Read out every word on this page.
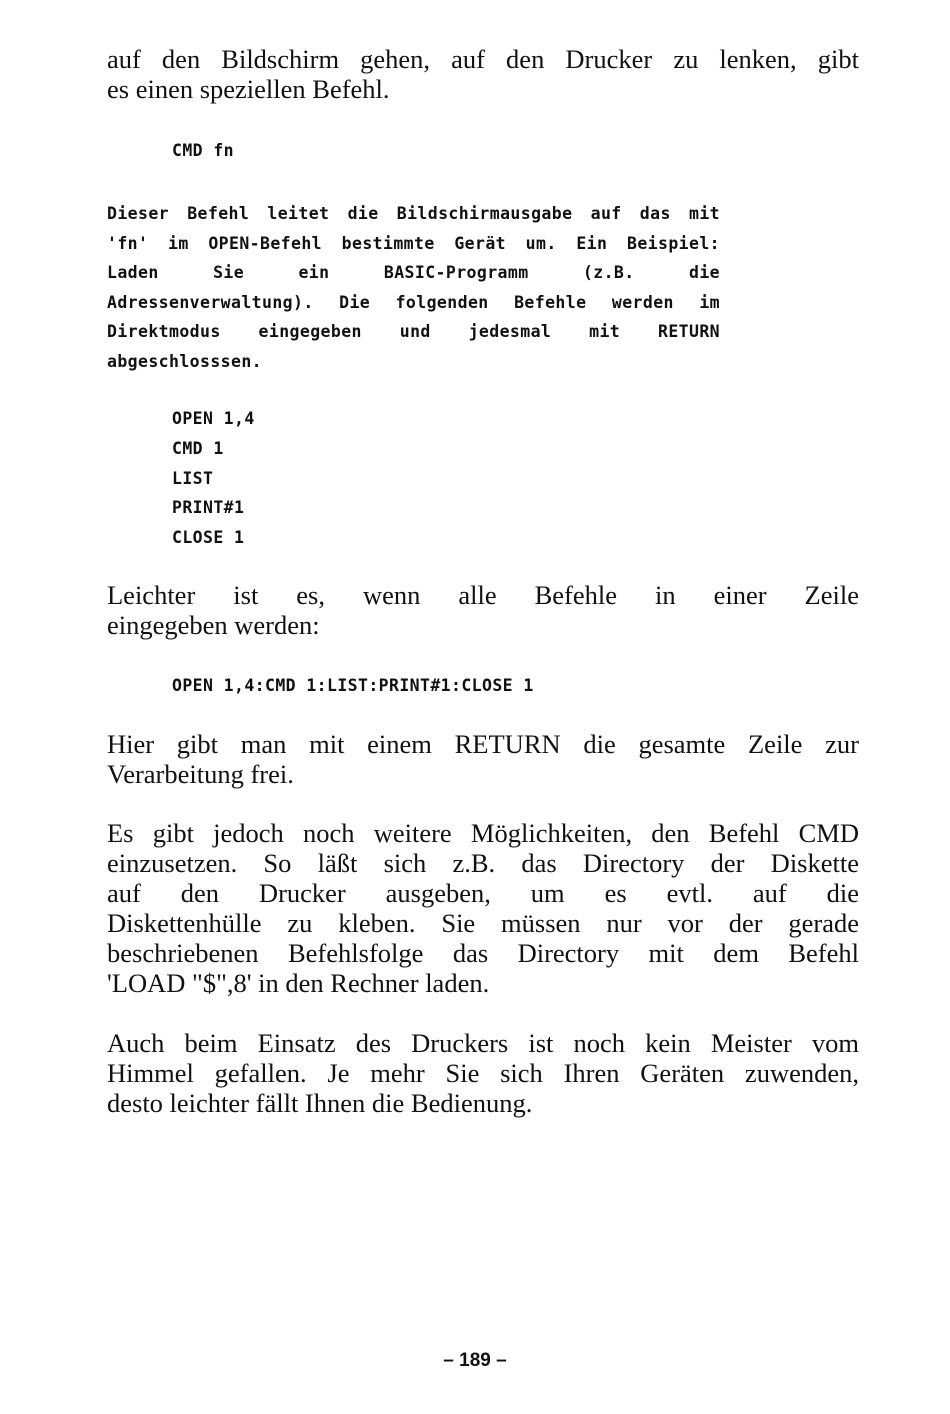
auf den Bildschirm gehen, auf den Drucker zu lenken, gibt
es einen speziellen Befehl.
CMD fn
Dieser Befehl leitet die Bildschirmausgabe auf das mit
'fn' im OPEN-Befehl bestimmte Gerät um. Ein Beispiel:
Laden Sie ein BASIC-Programm (z.B. die
Adressenverwaltung). Die folgenden Befehle werden im
Direktmodus eingegeben und jedesmal mit RETURN
abgeschlosssen.
OPEN 1,4
CMD 1
LIST
PRINT#1
CLOSE 1
Leichter ist es, wenn alle Befehle in einer Zeile
eingegeben werden:
OPEN 1,4:CMD 1:LIST:PRINT#1:CLOSE 1
Hier gibt man mit einem RETURN die gesamte Zeile zur
Verarbeitung frei.
Es gibt jedoch noch weitere Möglichkeiten, den Befehl CMD
einzusetzen. So läßt sich z.B. das Directory der Diskette
auf den Drucker ausgeben, um es evtl. auf die
Diskettenhülle zu kleben. Sie müssen nur vor der gerade
beschriebenen Befehlsfolge das Directory mit dem Befehl
'LOAD "$",8' in den Rechner laden.
Auch beim Einsatz des Druckers ist noch kein Meister vom
Himmel gefallen. Je mehr Sie sich Ihren Geräten zuwenden,
desto leichter fällt Ihnen die Bedienung.
– 189 –
